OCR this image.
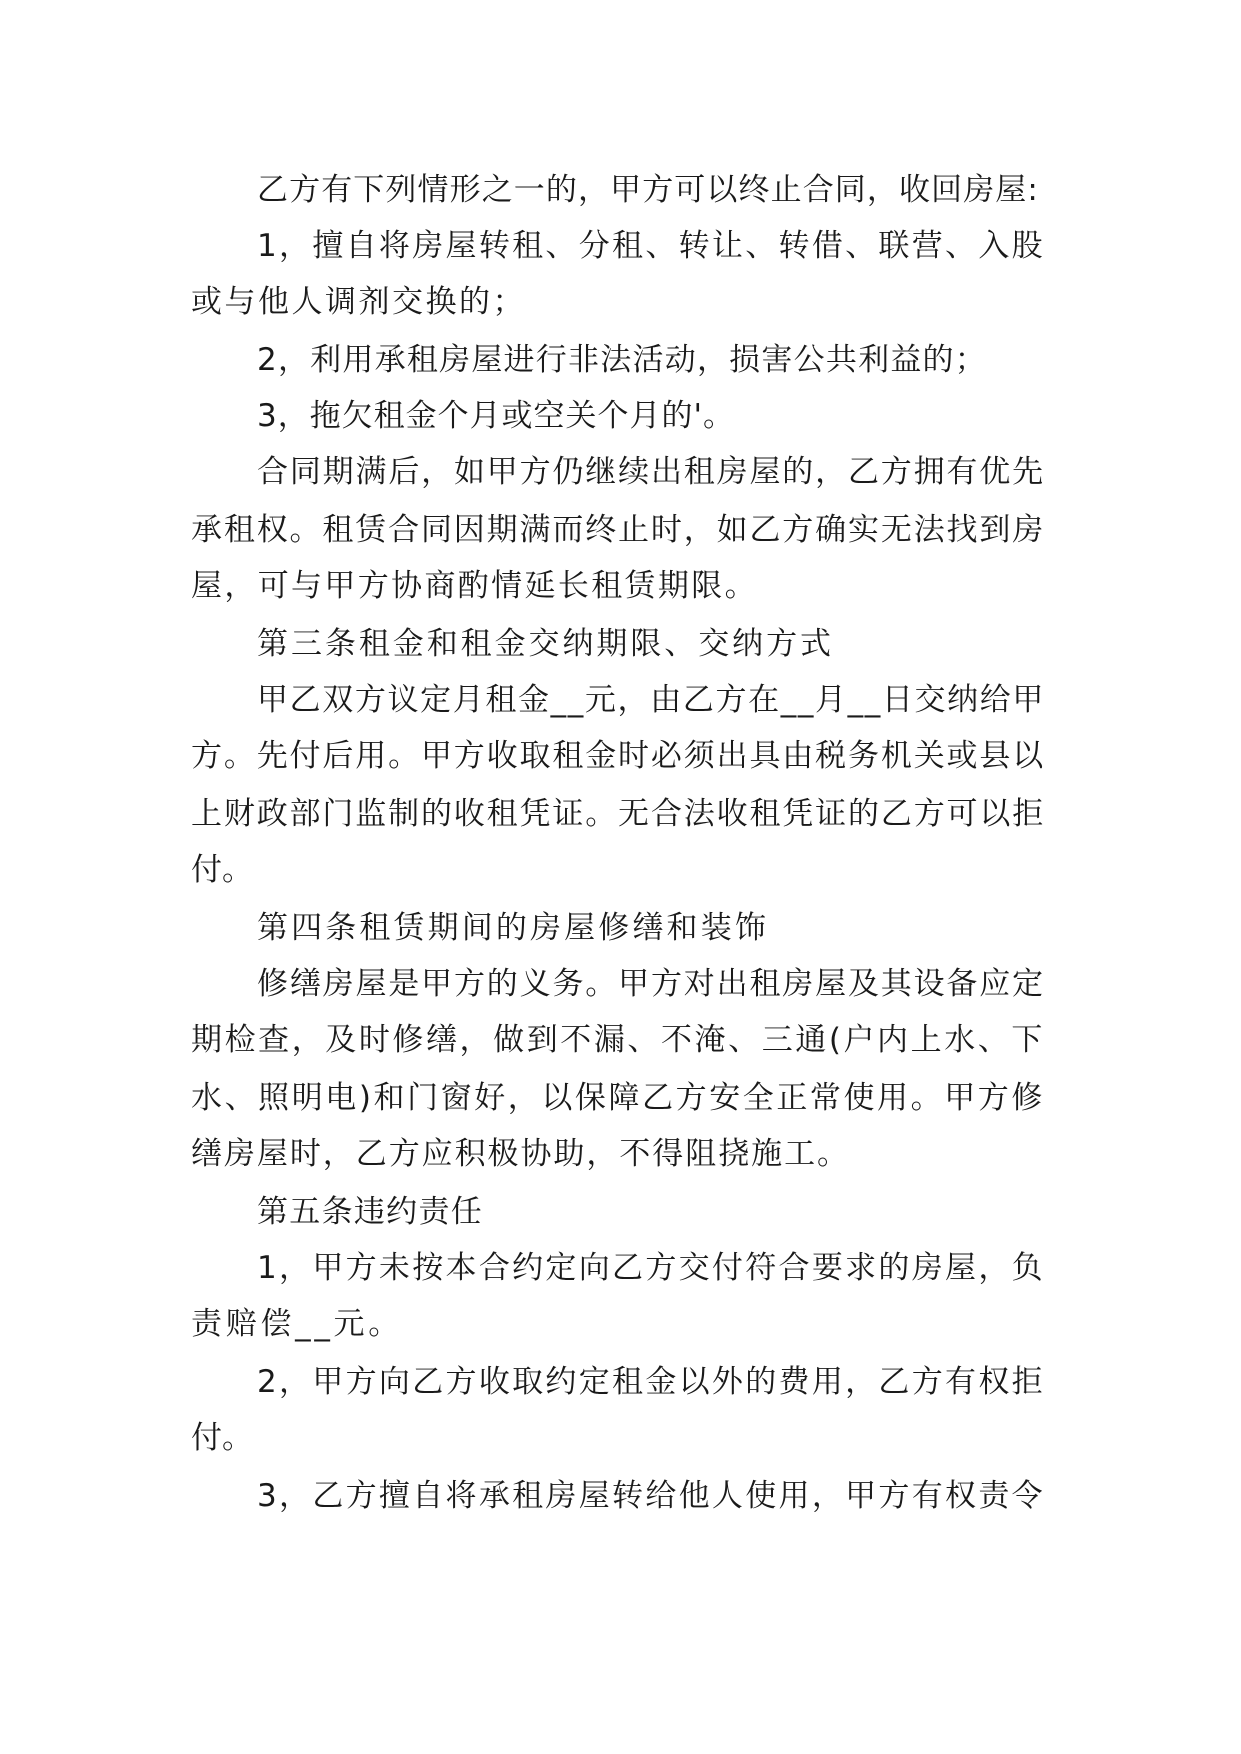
乙方有下列情形之一的，甲方可以终止合同，收回房屋:
1，擅自将房屋转租、分租、转让、转借、联营、入股
或与他人调剂交换的；
2，利用承租房屋进行非法活动，损害公共利益的；
3，拖欠租金个月或空关个月的'。
合同期满后，如甲方仍继续出租房屋的，乙方拥有优先
承租权。租赁合同因期满而终止时，如乙方确实无法找到房
屋，可与甲方协商酌情延长租赁期限。
第三条租金和租金交纳期限、交纳方式
甲乙双方议定月租金__元，由乙方在__月__日交纳给甲
方。先付后用。甲方收取租金时必须出具由税务机关或县以
上财政部门监制的收租凭证。无合法收租凭证的乙方可以拒
付。
第四条租赁期间的房屋修缮和装饰
修缮房屋是甲方的义务。甲方对出租房屋及其设备应定
期检查，及时修缮，做到不漏、不淹、三通(户内上水、下
水、照明电)和门窗好，以保障乙方安全正常使用。甲方修
缮房屋时，乙方应积极协助，不得阻挠施工。
第五条违约责任
1，甲方未按本合约定向乙方交付符合要求的房屋，负
责赔偿__元。
2，甲方向乙方收取约定租金以外的费用，乙方有权拒
付。
3，乙方擅自将承租房屋转给他人使用，甲方有权责令
